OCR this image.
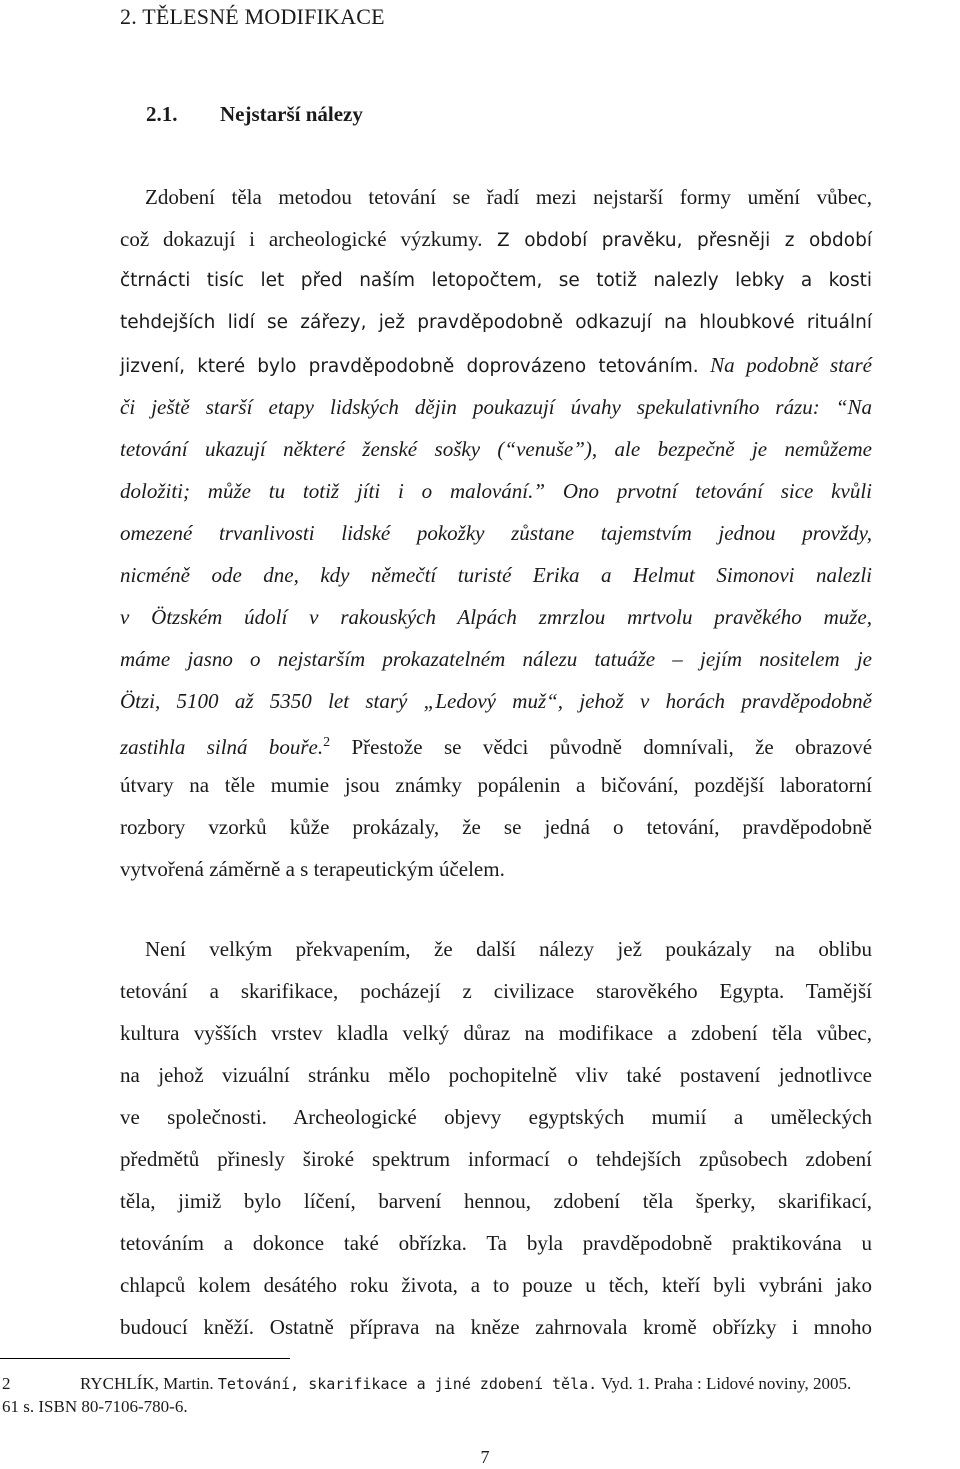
2. TĚLESNÉ MODIFIKACE
2.1. Nejstarší nálezy
Zdobení těla metodou tetování se řadí mezi nejstarší formy umění vůbec,
což dokazují i archeologické výzkumy. Z období pravěku, přesněji z období
čtrnácti tisíc let před naším letopočtem, se totiž nalezly lebky a kosti
tehdejších lidí se zářezy, jež pravděpodobně odkazují na hloubkové rituální
jizvení, které bylo pravděpodobně doprovázeno tetováním. Na podobně staré
či ještě starší etapy lidských dějin poukazují úvahy spekulativního rázu: “Na
tetování ukazují některé ženské sošky (“venuše”), ale bezpečně je nemůžeme
doložiti; může tu totiž jíti i o malování.” Ono prvotní tetování sice kvůli
omezené trvanlivosti lidské pokožky zůstane tajemstvím jednou provždy,
nicméně ode dne, kdy němečtí turisté Erika a Helmut Simonovi nalezli
v Ötzském údolí v rakouských Alpách zmrzlou mrtvolu pravěkého muže,
máme jasno o nejstarším prokazatelném nálezu tatuáže – jejím nositelem je
Ötzi, 5100 až 5350 let starý „Ledový muž“, jehož v horách pravděpodobně
zastihla silná bouře.$^2$ Přestože se vědci původně domnívali, že obrazové
útvary na těle mumie jsou známky popálenin a bičování, pozdější laboratorní
rozbory vzorků kůže prokázaly, že se jedná o tetování, pravděpodobně
vytvořená záměrně a s terapeutickým účelem.
Není velkým překvapením, že další nálezy jež poukázaly na oblibu
tetování a skarifikace, pocházejí z civilizace starověkého Egypta. Tamější
kultura vyšších vrstev kladla velký důraz na modifikace a zdobení těla vůbec,
na jehož vizuální stránku mělo pochopitelně vliv také postavení jednotlivce
ve společnosti. Archeologické objevy egyptských mumií a uměleckých
předmětů přinesly široké spektrum informací o tehdejších způsobech zdobení
těla, jimiž bylo líčení, barvení hennou, zdobení těla šperky, skarifikací,
tetováním a dokonce také obřízka. Ta byla pravděpodobně praktikována u
chlapců kolem desátého roku života, a to pouze u těch, kteří byli vybráni jako
budoucí kněží. Ostatně příprava na kněze zahrnovala kromě obřízky i mnoho
2	RYCHLÍK, Martin. Tetování, skarifikace a jiné zdobení těla. Vyd. 1. Praha : Lidové noviny, 2005.
61 s. ISBN 80-7106-780-6.
7
